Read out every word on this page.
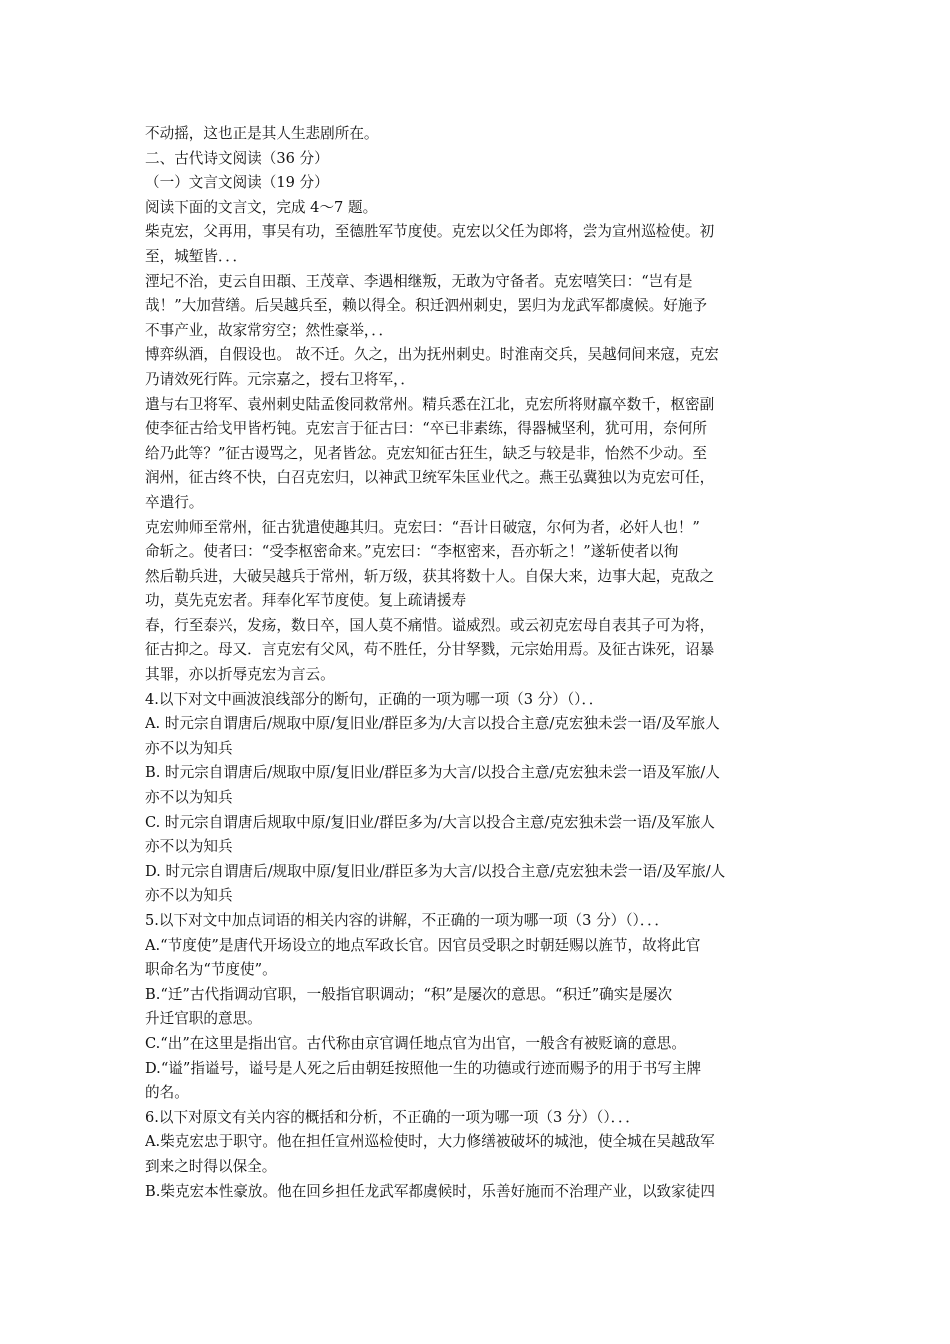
不动摇，这也正是其人生悲剧所在。
二、古代诗文阅读（36 分）
（一）文言文阅读（19 分）
阅读下面的文言文，完成 4～7 题。
柴克宏，父再用，事吴有功，至德胜军节度使。克宏以父任为郎将，尝为宣州巡检使。初
至，城堑皆．．．
湮圮不治，吏云自田頵、王茂章、李遇相继叛，无敢为守备者。克宏嘻笑曰：“岂有是
哉！”大加营缮。后吴越兵至，赖以得全。积迁泗州刺史，罢归为龙武军都虞候。好施予
不事产业，故家常穷空；然性豪举，．．
博弈纵酒，自假设也。 故不迁。久之，出为抚州刺史。时淮南交兵，吴越伺间来寇，克宏
乃请效死行阵。元宗嘉之，授右卫将军，．
遣与右卫将军、袁州刺史陆孟俊同救常州。精兵悉在江北，克宏所将财羸卒数千，枢密副
使李征古给戈甲皆朽钝。克宏言于征古曰：“卒已非素练，得器械坚利，犹可用，奈何所
给乃此等？”征古谩骂之，见者皆忿。克宏知征古狂生，缺乏与较是非，怡然不少动。至
润州，征古终不快，白召克宏归，以神武卫统军朱匡业代之。燕王弘冀独以为克宏可任，
卒遣行。
克宏帅师至常州，征古犹遣使趣其归。克宏曰：“吾计日破寇，尔何为者，必奸人也！”
命斩之。使者曰：“受李枢密命来。”克宏曰：“李枢密来，吾亦斩之！”遂斩使者以徇
然后勒兵进，大破吴越兵于常州，斩万级，获其将数十人。自保大来，边事大起，克敌之
功，莫先克宏者。拜奉化军节度使。复上疏请援寿
春，行至泰兴，发疡，数日卒，国人莫不痛惜。谥威烈。或云初克宏母自表其子可为将，
征古抑之。母又．言克宏有父风，苟不胜任，分甘孥戮，元宗始用焉。及征古诛死，诏暴
其罪，亦以折辱克宏为言云。
4.以下对文中画波浪线部分的断句，正确的一项为哪一项（3 分）（）．．
A. 时元宗自谓唐后/规取中原/复旧业/群臣多为/大言以投合主意/克宏独未尝一语/及军旅人
亦不以为知兵
B. 时元宗自谓唐后/规取中原/复旧业/群臣多为大言/以投合主意/克宏独未尝一语及军旅/人
亦不以为知兵
C. 时元宗自谓唐后规取中原/复旧业/群臣多为/大言以投合主意/克宏独未尝一语/及军旅人
亦不以为知兵
D. 时元宗自谓唐后/规取中原/复旧业/群臣多为大言/以投合主意/克宏独未尝一语/及军旅/人
亦不以为知兵
5.以下对文中加点词语的相关内容的讲解，不正确的一项为哪一项（3 分）（）．．．
A.“节度使”是唐代开场设立的地点军政长官。因官员受职之时朝廷赐以旌节，故将此官
职命名为“节度使”。
B.“迁”古代指调动官职，一般指官职调动；“积”是屡次的意思。“积迁”确实是屡次
升迁官职的意思。
C.“出”在这里是指出官。古代称由京官调任地点官为出官，一般含有被贬谪的意思。
D.“谥”指谥号，谥号是人死之后由朝廷按照他一生的功德或行迹而赐予的用于书写主牌
的名。
6.以下对原文有关内容的概括和分析，不正确的一项为哪一项（3 分）（）．．．
A.柴克宏忠于职守。他在担任宣州巡检使时，大力修缮被破坏的城池，使全城在吴越敌军
到来之时得以保全。
B.柴克宏本性豪放。他在回乡担任龙武军都虞候时，乐善好施而不治理产业，以致家徒四
